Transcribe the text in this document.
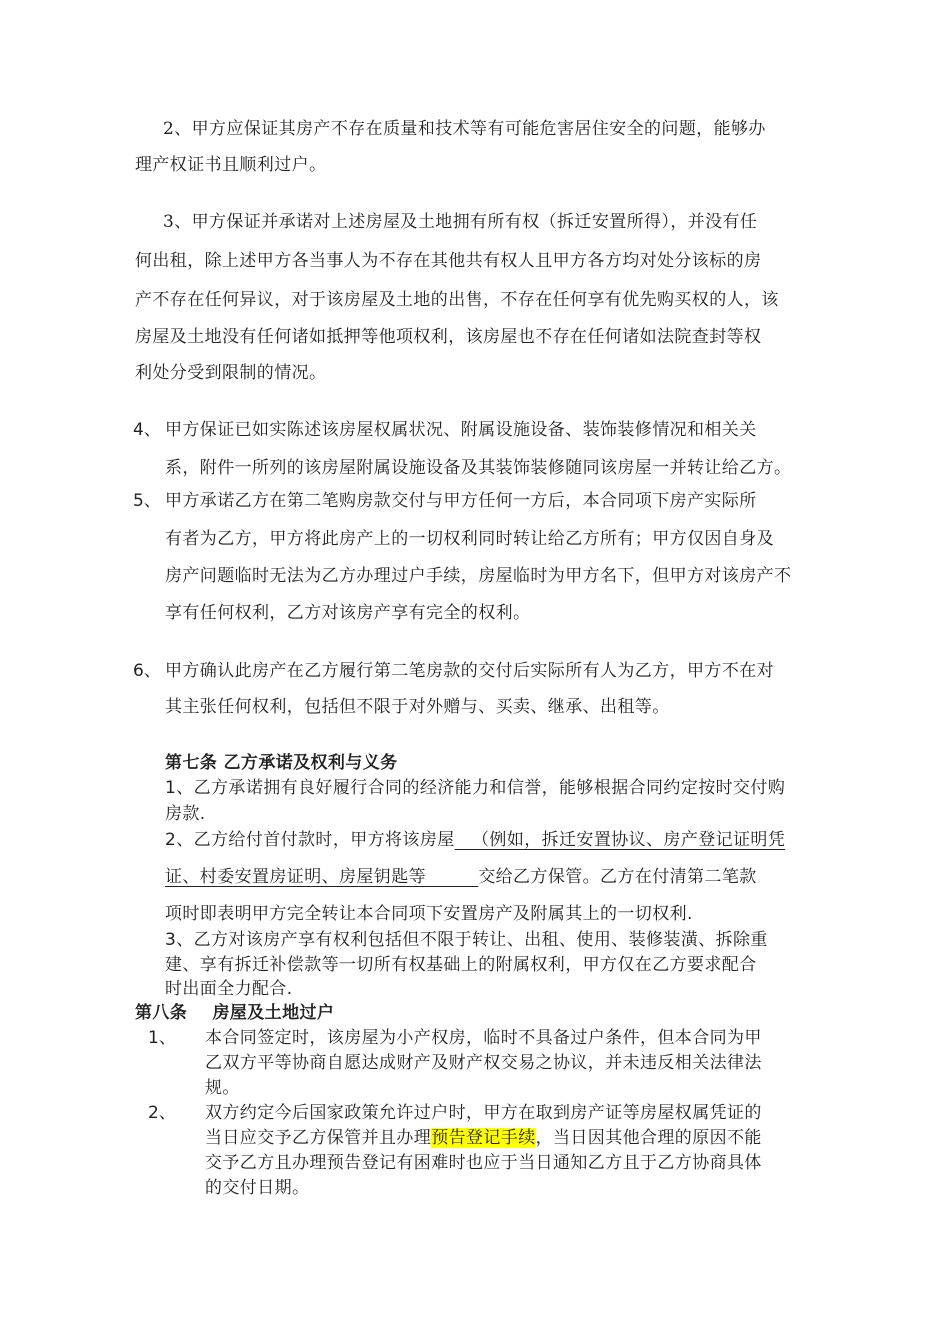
2、甲方应保证其房产不存在质量和技术等有可能危害居住安全的问题，能够办
理产权证书且顺利过户。
3、甲方保证并承诺对上述房屋及土地拥有所有权（拆迁安置所得），并没有任
何出租，除上述甲方各当事人为不存在其他共有权人且甲方各方均对处分该标的房
产不存在任何异议，对于该房屋及土地的出售，不存在任何享有优先购买权的人，该
房屋及土地没有任何诸如抵押等他项权利，该房屋也不存在任何诸如法院查封等权
利处分受到限制的情况。
4、 甲方保证已如实陈述该房屋权属状况、附属设施设备、装饰装修情况和相关关
系，附件一所列的该房屋附属设施设备及其装饰装修随同该房屋一并转让给乙方。
5、 甲方承诺乙方在第二笔购房款交付与甲方任何一方后，本合同项下房产实际所
有者为乙方，甲方将此房产上的一切权利同时转让给乙方所有；甲方仅因自身及
房产问题临时无法为乙方办理过户手续，房屋临时为甲方名下，但甲方对该房产不
享有任何权利，乙方对该房产享有完全的权利。
6、 甲方确认此房产在乙方履行第二笔房款的交付后实际所有人为乙方，甲方不在对
其主张任何权利，包括但不限于对外赠与、买卖、继承、出租等。
第七条 乙方承诺及权利与义务
1、乙方承诺拥有良好履行合同的经济能力和信誉，能够根据合同约定按时交付购
房款.
2、乙方给付首付款时，甲方将该房屋   （例如，拆迁安置协议、房产登记证明凭
证、村委安置房证明、房屋钥匙等         交给乙方保管。乙方在付清第二笔款
项时即表明甲方完全转让本合同项下安置房产及附属其上的一切权利.
3、乙方对该房产享有权利包括但不限于转让、出租、使用、装修装潢、拆除重
建、享有拆迁补偿款等一切所有权基础上的附属权利，甲方仅在乙方要求配合
时出面全力配合.
第八条    房屋及土地过户
1、 本合同签定时，该房屋为小产权房，临时不具备过户条件，但本合同为甲
乙双方平等协商自愿达成财产及财产权交易之协议，并未违反相关法律法
规。
2、 双方约定今后国家政策允许过户时，甲方在取到房产证等房屋权属凭证的
当日应交予乙方保管并且办理预告登记手续，当日因其他合理的原因不能
交予乙方且办理预告登记有困难时也应于当日通知乙方且于乙方协商具体
的交付日期。
